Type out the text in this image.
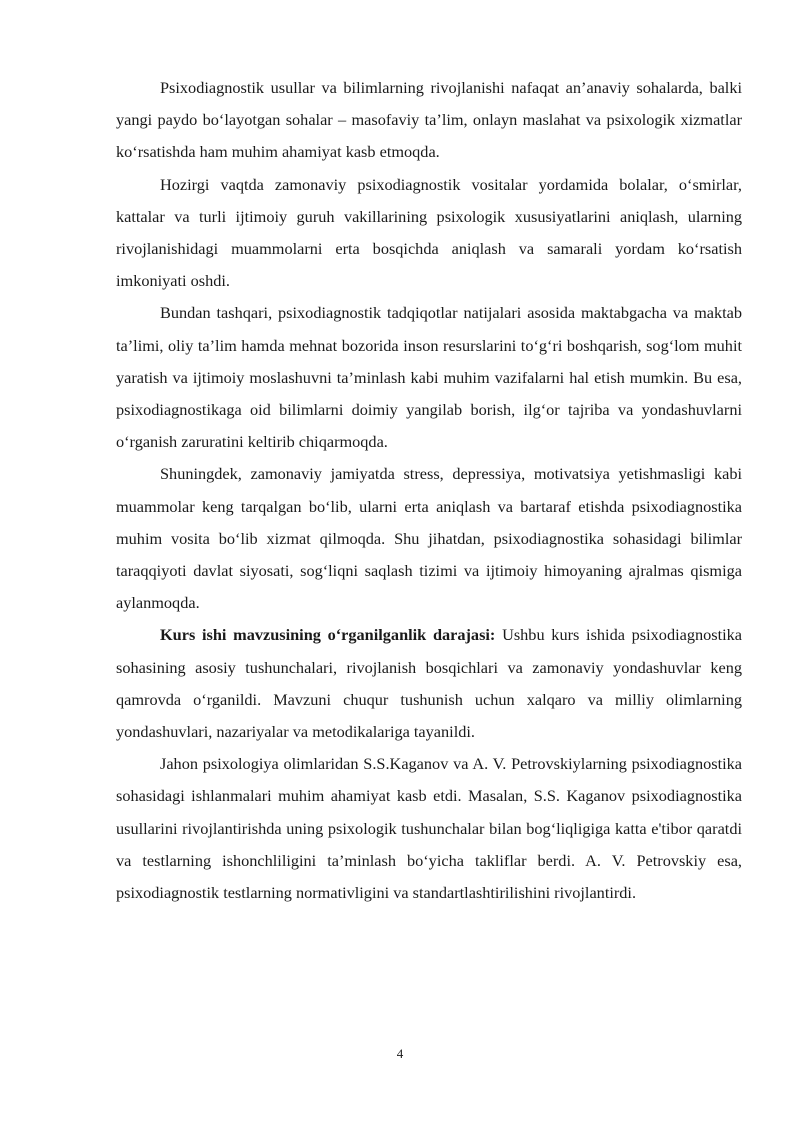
Psixodiagnostik usullar va bilimlarning rivojlanishi nafaqat an’anaviy sohalarda, balki yangi paydo bo‘layotgan sohalar – masofaviy ta’lim, onlayn maslahat va psixologik xizmatlar ko‘rsatishda ham muhim ahamiyat kasb etmoqda.

Hozirgi vaqtda zamonaviy psixodiagnostik vositalar yordamida bolalar, o‘smirlar, kattalar va turli ijtimoiy guruh vakillarining psixologik xususiyatlarini aniqlash, ularning rivojlanishidagi muammolarni erta bosqichda aniqlash va samarali yordam ko‘rsatish imkoniyati oshdi.

Bundan tashqari, psixodiagnostik tadqiqotlar natijalari asosida maktabgacha va maktab ta’limi, oliy ta’lim hamda mehnat bozorida inson resurslarini to‘g‘ri boshqarish, sog‘lom muhit yaratish va ijtimoiy moslashuvni ta’minlash kabi muhim vazifalarni hal etish mumkin. Bu esa, psixodiagnostikaga oid bilimlarni doimiy yangilab borish, ilg‘or tajriba va yondashuvlarni o‘rganish zaruratini keltirib chiqarmoqda.

Shuningdek, zamonaviy jamiyatda stress, depressiya, motivatsiya yetishmasligi kabi muammolar keng tarqalgan bo‘lib, ularni erta aniqlash va bartaraf etishda psixodiagnostika muhim vosita bo‘lib xizmat qilmoqda. Shu jihatdan, psixodiagnostika sohasidagi bilimlar taraqqiyoti davlat siyosati, sog‘liqni saqlash tizimi va ijtimoiy himoyaning ajralmas qismiga aylanmoqda.

Kurs ishi mavzusining o‘rganilganlik darajasi: Ushbu kurs ishida psixodiagnostika sohasining asosiy tushunchalari, rivojlanish bosqichlari va zamonaviy yondashuvlar keng qamrovda o‘rganildi. Mavzuni chuqur tushunish uchun xalqaro va milliy olimlarning yondashuvlari, nazariyalar va metodikalariga tayanildi.

Jahon psixologiya olimlaridan S.S.Kaganov va A. V. Petrovskiylarning psixodiagnostika sohasidagi ishlanmalari muhim ahamiyat kasb etdi. Masalan, S.S. Kaganov psixodiagnostika usullarini rivojlantirishda uning psixologik tushunchalar bilan bog‘liqligiga katta e'tibor qaratdi va testlarning ishonchliligini ta’minlash bo‘yicha takliflar berdi. A. V. Petrovskiy esa, psixodiagnostik testlarning normativligini va standartlashtirilishini rivojlantirdi.

4
